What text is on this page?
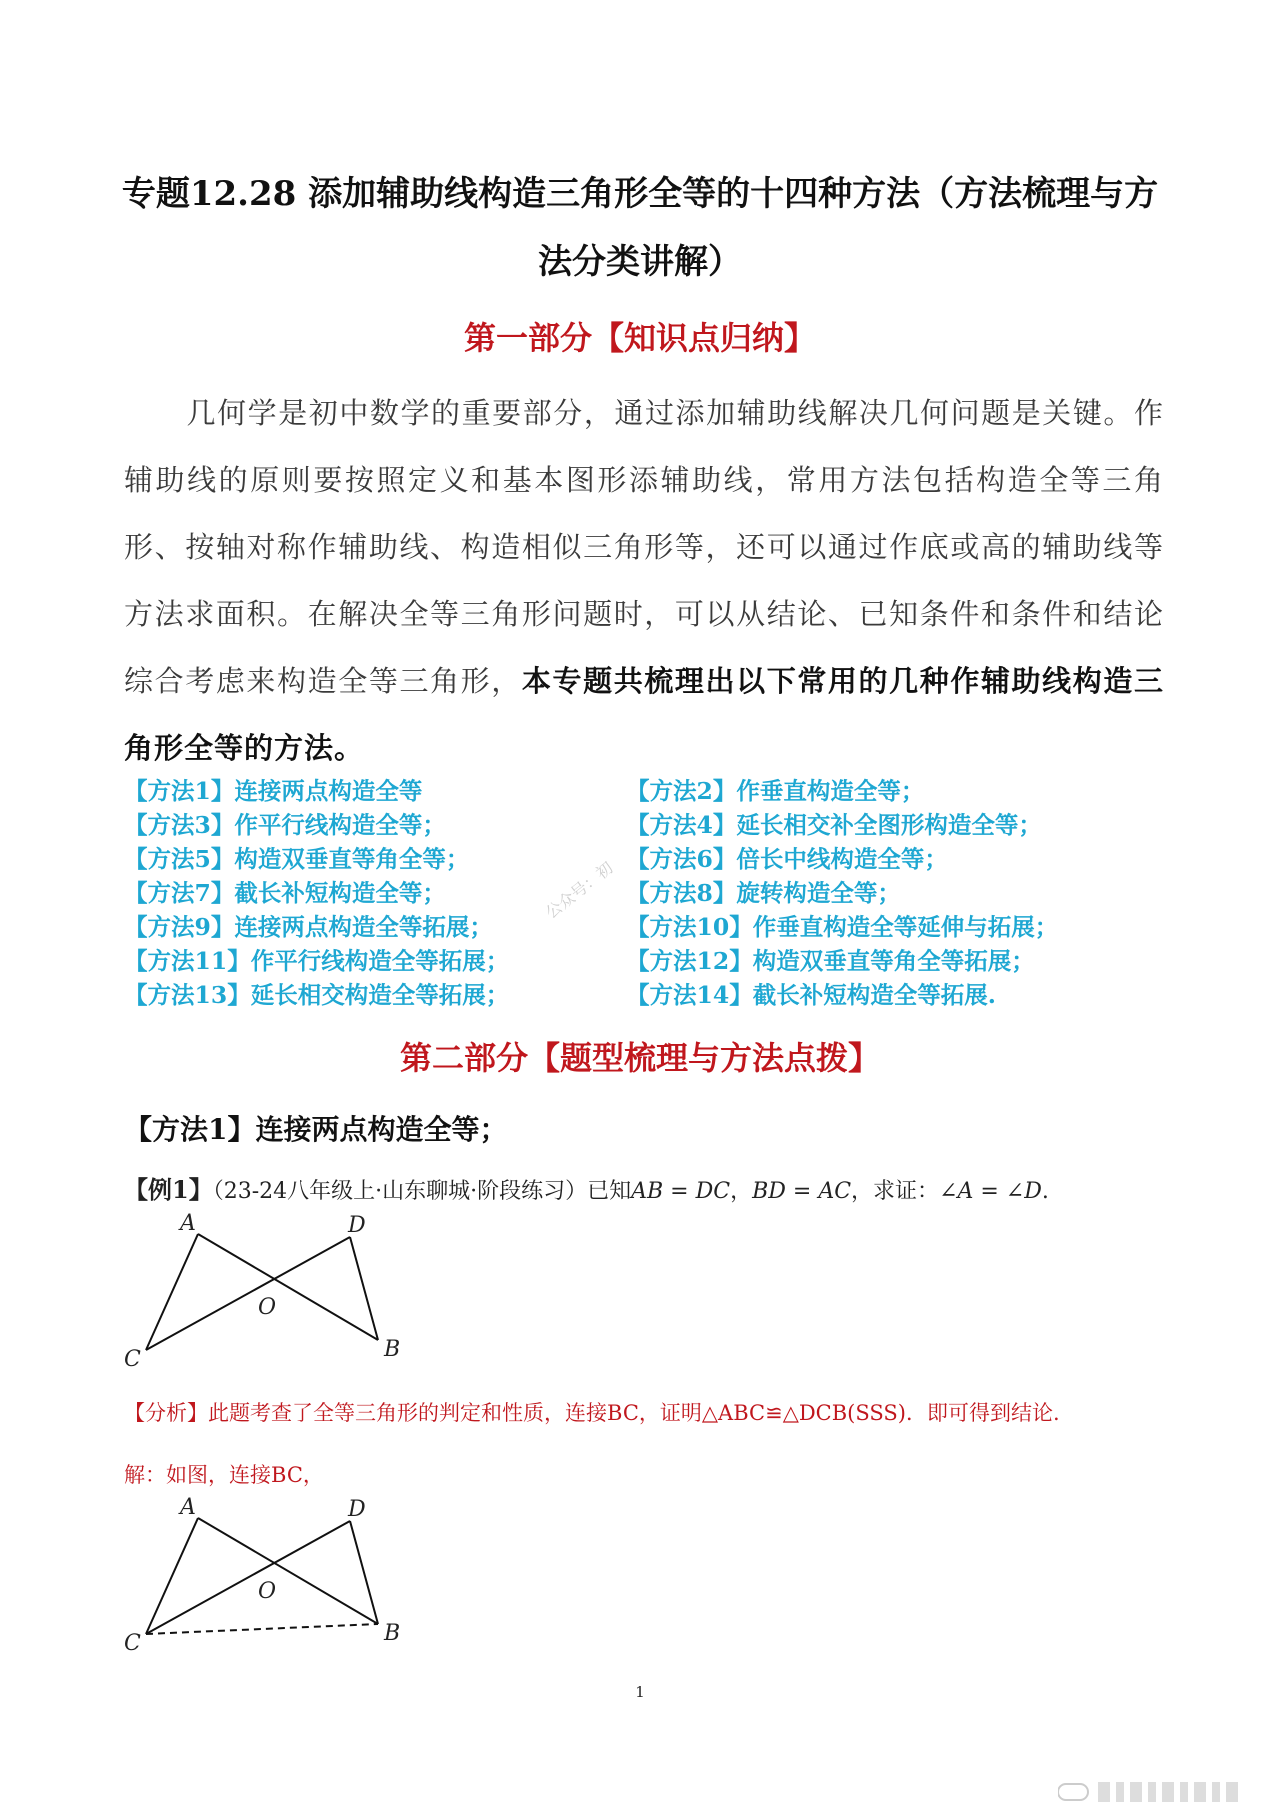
专题12.28 添加辅助线构造三角形全等的十四种方法（方法梳理与方法分类讲解）
第一部分【知识点归纳】
几何学是初中数学的重要部分，通过添加辅助线解决几何问题是关键。作辅助线的原则要按照定义和基本图形添辅助线，常用方法包括构造全等三角形、按轴对称作辅助线、构造相似三角形等，还可以通过作底或高的辅助线等方法求面积。在解决全等三角形问题时，可以从结论、已知条件和条件和结论综合考虑来构造全等三角形，本专题共梳理出以下常用的几种作辅助线构造三角形全等的方法。
【方法1】连接两点构造全等	【方法2】作垂直构造全等；
【方法3】作平行线构造全等；	【方法4】延长相交补全图形构造全等；
【方法5】构造双垂直等角全等；	【方法6】倍长中线构造全等；
【方法7】截长补短构造全等；	【方法8】旋转构造全等；
【方法9】连接两点构造全等拓展；	【方法10】作垂直构造全等延伸与拓展；
【方法11】作平行线构造全等拓展；	【方法12】构造双垂直等角全等拓展；
【方法13】延长相交构造全等拓展；	【方法14】截长补短构造全等拓展.
公众号：初
第二部分【题型梳理与方法点拨】
【方法1】连接两点构造全等；
【例1】（23-24八年级上·山东聊城·阶段练习）已知AB = DC，BD = AC，求证：∠A = ∠D.
A	D
O
C	B
【分析】此题考查了全等三角形的判定和性质，连接BC，证明△ABC≌△DCB(SSS)．即可得到结论.
解：如图，连接BC，
A	D
O
C	B
1
